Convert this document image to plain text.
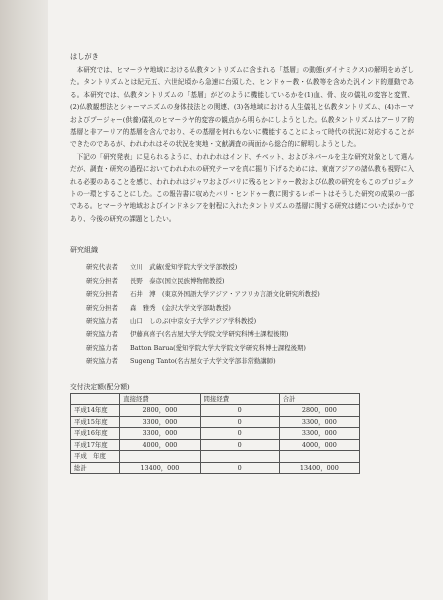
はしがき

本研究では、ヒマーラヤ地域における仏教タントリズムに含まれる「基層」の動態(ダイナミクス)の解明をめざした。タントリズムとは紀元五、六世紀頃から急速に台頭した、ヒンドゥー教・仏教等を含めた汎インド的運動である。本研究では、仏教タントリズムの「基層」がどのように機能しているかを(1)血、骨、皮の儀礼の変容と変質、(2)仏教観想法とシャーマニズムの身体技法との関連、(3)各地域における人生儀礼と仏教タントリズム、(4)ホーマおよびプージャー(供養)儀礼のヒマーラヤ的変容の観点から明らかにしようとした。仏教タントリズムはアーリア的基層と非アーリア的基層を含んでおり、その基層を何れもないに機能することによって時代の状況に対応することができたのであるが、われわれはその状況を実地・文献調査の両面から総合的に解明しようとした。

下記の「研究発表」に見られるように、われわれはインド、チベット、およびネパールを主な研究対象として選んだが、調査・研究の過程においてわれわれの研究テーマを真に掘り下げるためには、東南アジアの諸仏教も視野に入れる必要のあることを感じ、われわれはジャワおよびバリに残るヒンドゥー教および仏教の研究をもこのプロジェクトの一環とすることにした。この報告書に収めたバリ・ヒンドゥー教に関するレポートはそうした研究の成果の一部である。ヒマーラヤ地域およびインドネシアを射程に入れたタントリズムの基層に関する研究は緒についたばかりであり、今後の研究の課題としたい。

研究組織
研究代表者	立川　武蔵(愛知学院大学文学部教授)
研究分担者	長野　泰彦(国立民族博物館教授)
研究分担者	石井　溥　(東京外国語大学アジア・アフリカ言語文化研究所教授)
研究分担者	森　雅秀　(金沢大学文学部助教授)
研究協力者	山口　しのぶ(中京女子大学アジア学科教授)
研究協力者	伊藤真喜子(名古屋大学大学院文学研究科博士課程後期)
研究協力者	Batton Barua(愛知学院大学大学院文学研究科博士課程後期)
研究協力者	Sugeng Tanto(名古屋女子大学文学部非常勤講師)
交付決定額(配分額)
	直接経費	間接経費	合計
平成14年度	2800，000	0	2800，000
平成15年度	3300，000	0	3300，000
平成16年度	3300，000	0	3300，000
平成17年度	4000，000	0	4000，000
平成　年度			
総計	13400，000	0	13400，000
